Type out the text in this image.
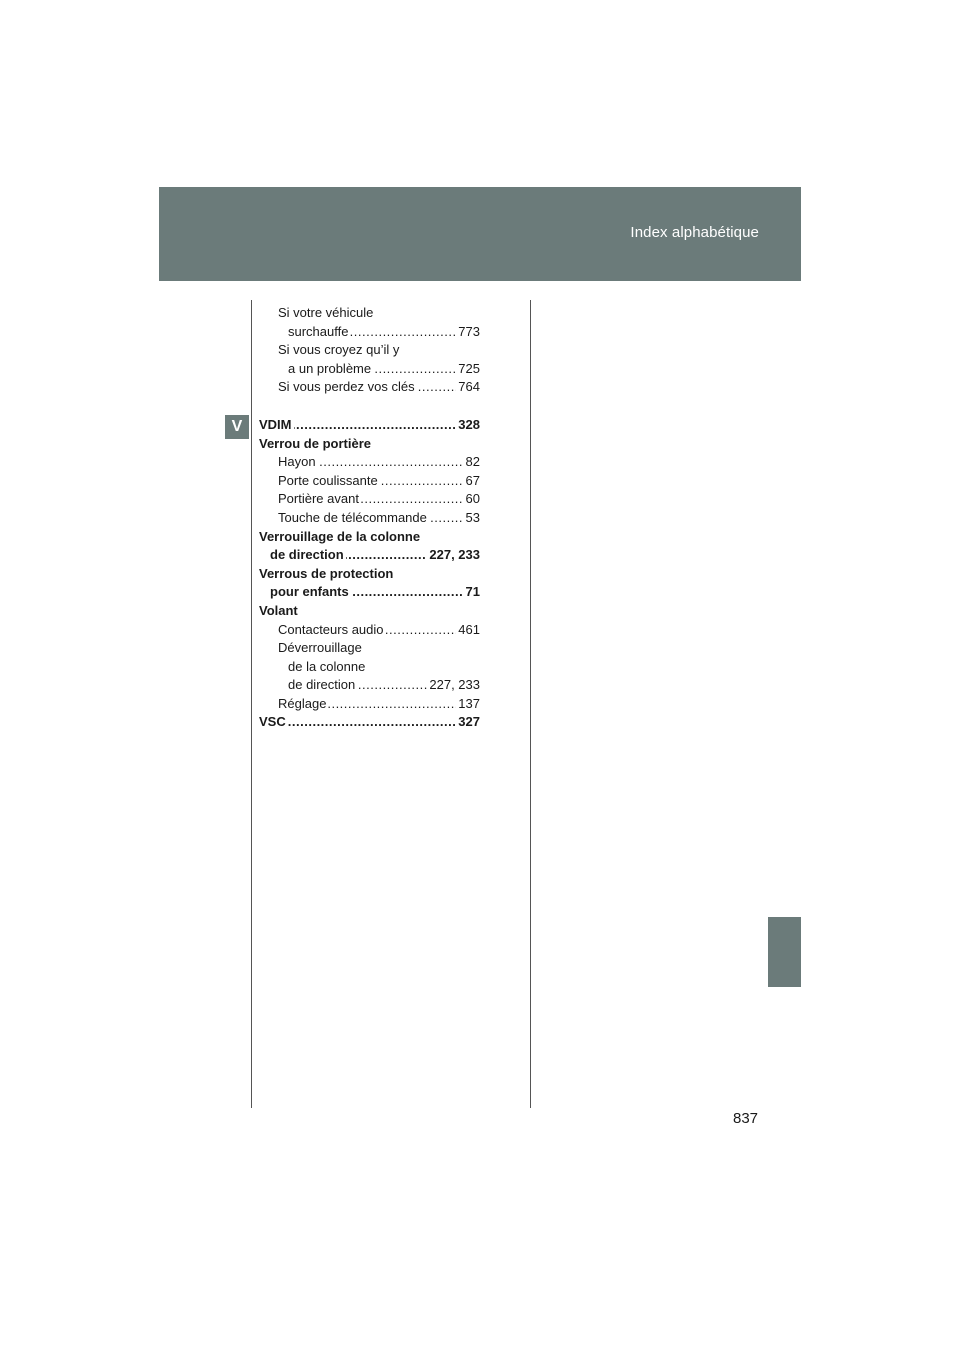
Index alphabétique
V
Si votre véhicule
..... surchauffe	773
Si vous croyez qu’il y
..... a un problème	725
..... Si vous perdez vos clés	764
..... VDIM	328
Verrou de portière
..... Hayon	82
..... Porte coulissante	67
..... Portière avant	60
..... Touche de télécommande	53
Verrouillage de la colonne
..... de direction	227, 233
Verrous de protection
..... pour enfants	71
Volant
..... Contacteurs audio	461
Déverrouillage
de la colonne
..... de direction	227, 233
..... Réglage	137
..... VSC	327
837
